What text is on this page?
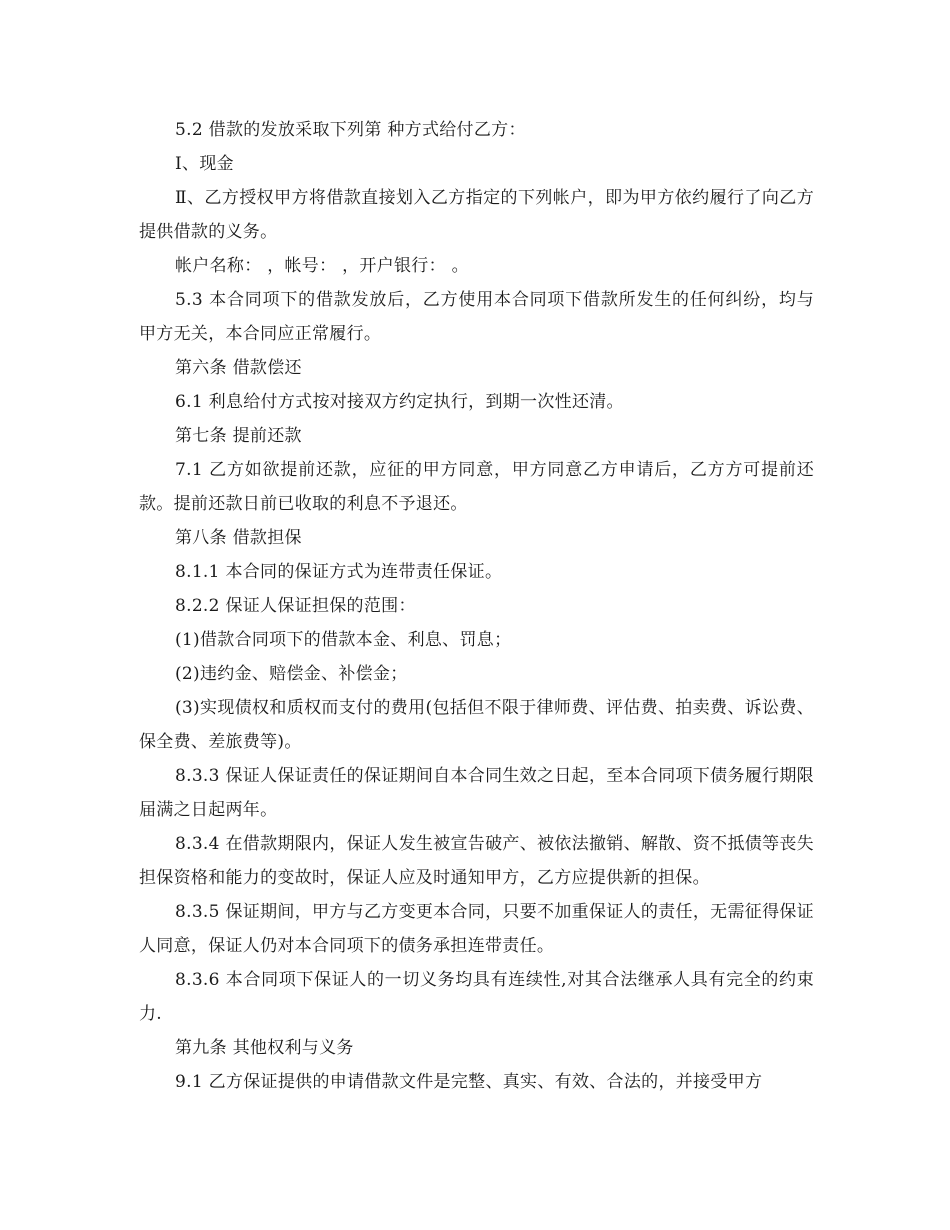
5.2 借款的发放采取下列第 种方式给付乙方：

Ⅰ、现金

Ⅱ、乙方授权甲方将借款直接划入乙方指定的下列帐户，即为甲方依约履行了向乙方提供借款的义务。

帐户名称： ，帐号： ，开户银行： 。

5.3 本合同项下的借款发放后，乙方使用本合同项下借款所发生的任何纠纷，均与甲方无关，本合同应正常履行。

第六条 借款偿还

6.1 利息给付方式按对接双方约定执行，到期一次性还清。

第七条 提前还款

7.1 乙方如欲提前还款，应征的甲方同意，甲方同意乙方申请后，乙方方可提前还款。提前还款日前已收取的利息不予退还。

第八条 借款担保

8.1.1 本合同的保证方式为连带责任保证。

8.2.2 保证人保证担保的范围：

(1)借款合同项下的借款本金、利息、罚息；

(2)违约金、赔偿金、补偿金；

(3)实现债权和质权而支付的费用(包括但不限于律师费、评估费、拍卖费、诉讼费、保全费、差旅费等)。

8.3.3 保证人保证责任的保证期间自本合同生效之日起，至本合同项下债务履行期限届满之日起两年。

8.3.4 在借款期限内，保证人发生被宣告破产、被依法撤销、解散、资不抵债等丧失担保资格和能力的变故时，保证人应及时通知甲方，乙方应提供新的担保。

8.3.5 保证期间，甲方与乙方变更本合同，只要不加重保证人的责任，无需征得保证人同意，保证人仍对本合同项下的债务承担连带责任。

8.3.6 本合同项下保证人的一切义务均具有连续性,对其合法继承人具有完全的约束力.

第九条 其他权利与义务

9.1 乙方保证提供的申请借款文件是完整、真实、有效、合法的，并接受甲方
